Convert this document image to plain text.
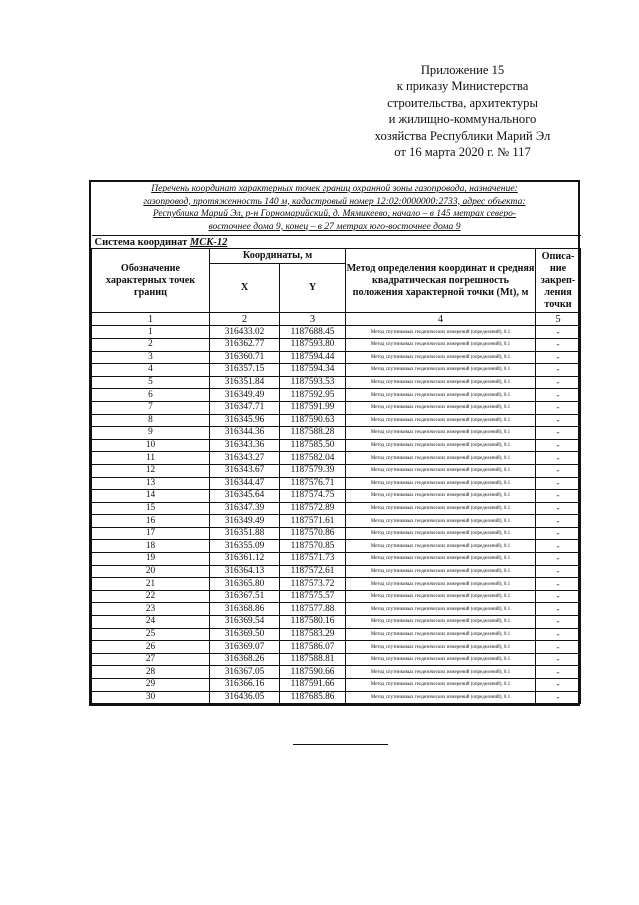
Приложение 15
к приказу Министерства
строительства, архитектуры
и жилищно-коммунального
хозяйства Республики Марий Эл
от 16 марта 2020 г. № 117
Перечень координат характерных точек границ охранной зоны газопровода, назначение:
газопровод, протяженность 140 м, кадастровый номер 12:02:0000000:2733, адрес объекта:
Республика Марий Эл, р-н Горномарийский, д. Мямикеево, начало – в 145 метрах северо-
восточнее дома 9, конец – в 27 метрах юго-восточнее дома 9
Система координат МСК-12				
Обозначение характерных точек границ	Координаты, м		Метод определения координат и средняя квадратическая погрешность положения характерной точки (Mt), м	Описа-ние закреп-ления точки
	X	Y		
1	2	3	4	5
1	316433.02	1187688.45	Метод спутниковых геодезических измерений (определений), 0.1	-
2	316362.77	1187593.80	Метод спутниковых геодезических измерений (определений), 0.1	-
3	316360.71	1187594.44	Метод спутниковых геодезических измерений (определений), 0.1	-
4	316357.15	1187594.34	Метод спутниковых геодезических измерений (определений), 0.1	-
5	316351.84	1187593.53	Метод спутниковых геодезических измерений (определений), 0.1	-
6	316349.49	1187592.95	Метод спутниковых геодезических измерений (определений), 0.1	-
7	316347.71	1187591.99	Метод спутниковых геодезических измерений (определений), 0.1	-
8	316345.96	1187590.63	Метод спутниковых геодезических измерений (определений), 0.1	-
9	316344.36	1187588.28	Метод спутниковых геодезических измерений (определений), 0.1	-
10	316343.36	1187585.50	Метод спутниковых геодезических измерений (определений), 0.1	-
11	316343.27	1187582.04	Метод спутниковых геодезических измерений (определений), 0.1	-
12	316343.67	1187579.39	Метод спутниковых геодезических измерений (определений), 0.1	-
13	316344.47	1187576.71	Метод спутниковых геодезических измерений (определений), 0.1	-
14	316345.64	1187574.75	Метод спутниковых геодезических измерений (определений), 0.1	-
15	316347.39	1187572.89	Метод спутниковых геодезических измерений (определений), 0.1	-
16	316349.49	1187571.61	Метод спутниковых геодезических измерений (определений), 0.1	-
17	316351.88	1187570.86	Метод спутниковых геодезических измерений (определений), 0.1	-
18	316355.09	1187570.85	Метод спутниковых геодезических измерений (определений), 0.1	-
19	316361.12	1187571.73	Метод спутниковых геодезических измерений (определений), 0.1	-
20	316364.13	1187572.61	Метод спутниковых геодезических измерений (определений), 0.1	-
21	316365.80	1187573.72	Метод спутниковых геодезических измерений (определений), 0.1	-
22	316367.51	1187575.57	Метод спутниковых геодезических измерений (определений), 0.1	-
23	316368.86	1187577.88	Метод спутниковых геодезических измерений (определений), 0.1	-
24	316369.54	1187580.16	Метод спутниковых геодезических измерений (определений), 0.1	-
25	316369.50	1187583.29	Метод спутниковых геодезических измерений (определений), 0.1	-
26	316369.07	1187586.07	Метод спутниковых геодезических измерений (определений), 0.1	-
27	316368.26	1187588.81	Метод спутниковых геодезических измерений (определений), 0.1	-
28	316367.05	1187590.66	Метод спутниковых геодезических измерений (определений), 0.1	-
29	316366.16	1187591.66	Метод спутниковых геодезических измерений (определений), 0.1	-
30	316436.05	1187685.86	Метод спутниковых геодезических измерений (определений), 0.1	-
